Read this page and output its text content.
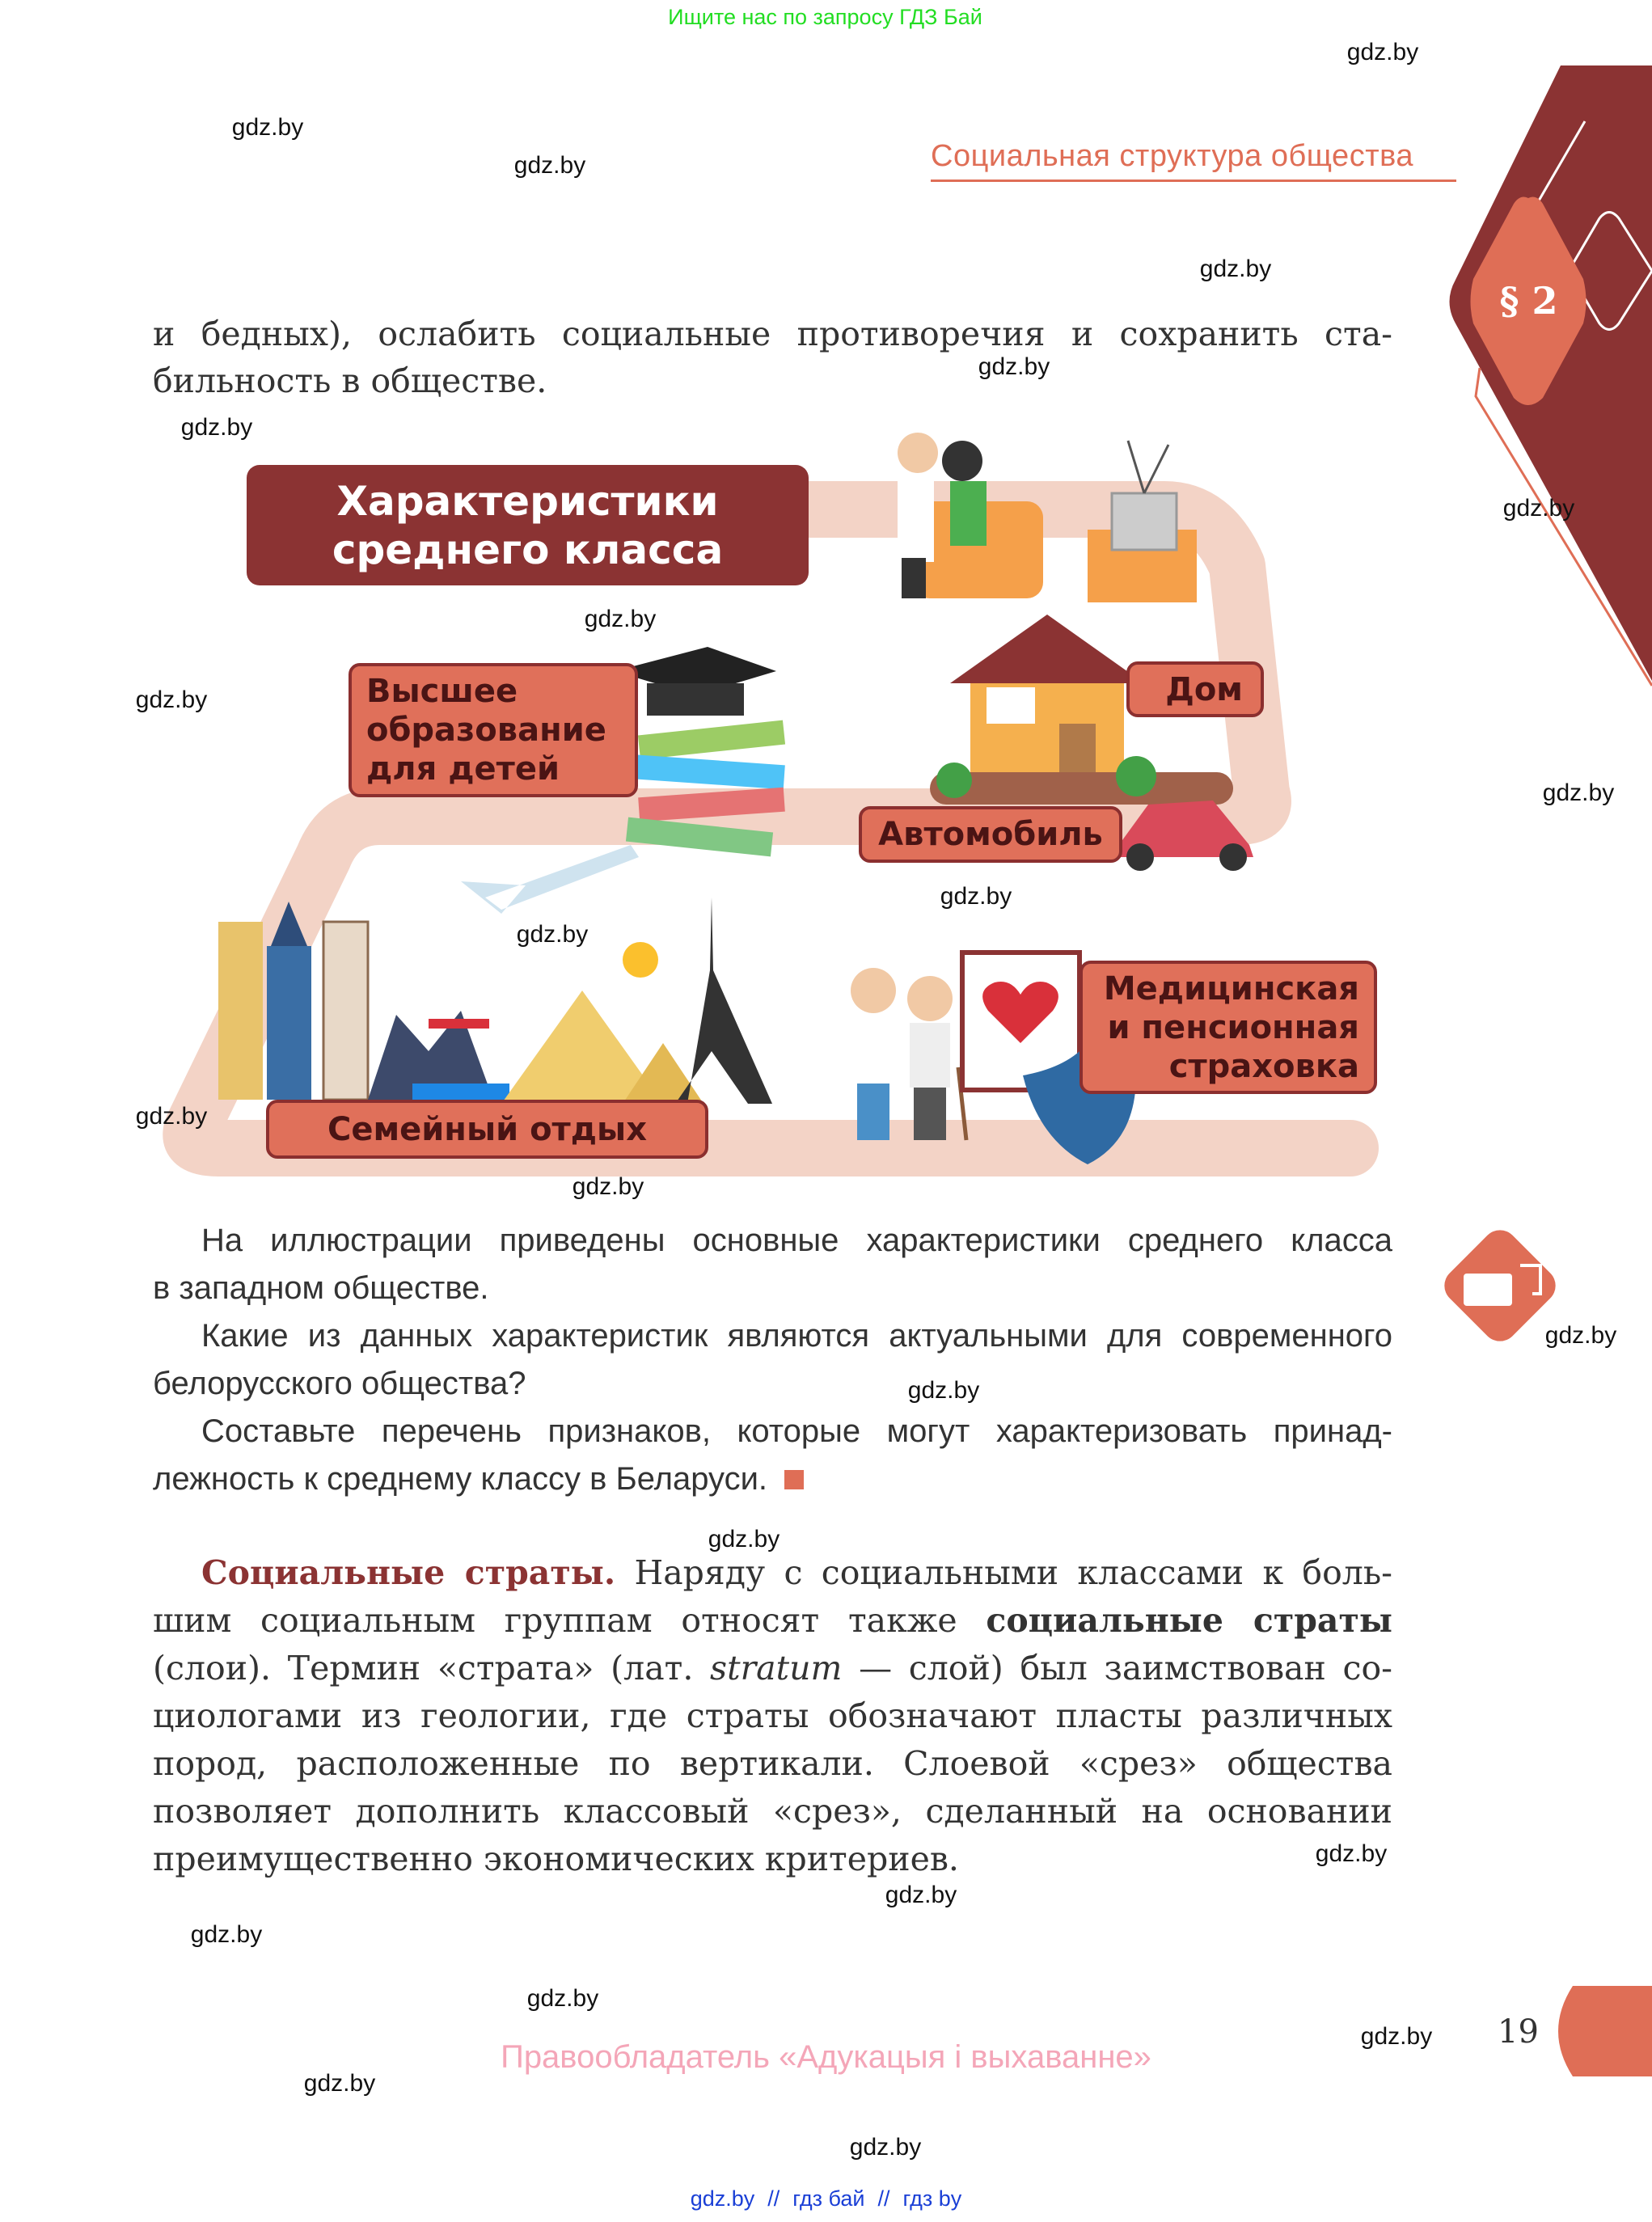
Ищите нас по запросу ГДЗ Бай
Социальная структура общества
§ 2
и бедных), ослабить социальные противоречия и сохранить ста-
бильность в обществе.
Характеристики
среднего класса
Высшее
образование
для детей
Дом
Автомобиль
Медицинская
и пенсионная
страховка
Семейный отдых
На иллюстрации приведены основные характеристики среднего класса
в западном обществе.
Какие из данных характеристик являются актуальными для современного
белорусского общества?
Составьте перечень признаков, которые могут характеризовать принад-
лежность к среднему классу в Беларуси.
Социальные страты. Наряду с социальными классами к боль-
шим социальным группам относят также социальные страты
(слои). Термин «страта» (лат. stratum — слой) был заимствован со-
циологами из геологии, где страты обозначают пласты различных
пород, расположенные по вертикали. Слоевой «срез» общества
позволяет дополнить классовый «срез», сделанный на основании
преимущественно экономических критериев.
gdz.by
gdz.by
gdz.by
gdz.by
gdz.by
gdz.by
gdz.by
gdz.by
gdz.by
gdz.by
gdz.by
gdz.by
gdz.by
gdz.by
gdz.by
gdz.by
gdz.by
gdz.by
gdz.by
gdz.by
gdz.by
gdz.by
gdz.by
gdz.by
Правообладатель «Адукацыя і выхаванне»
19
gdz.by // гдз бай // гдз by
